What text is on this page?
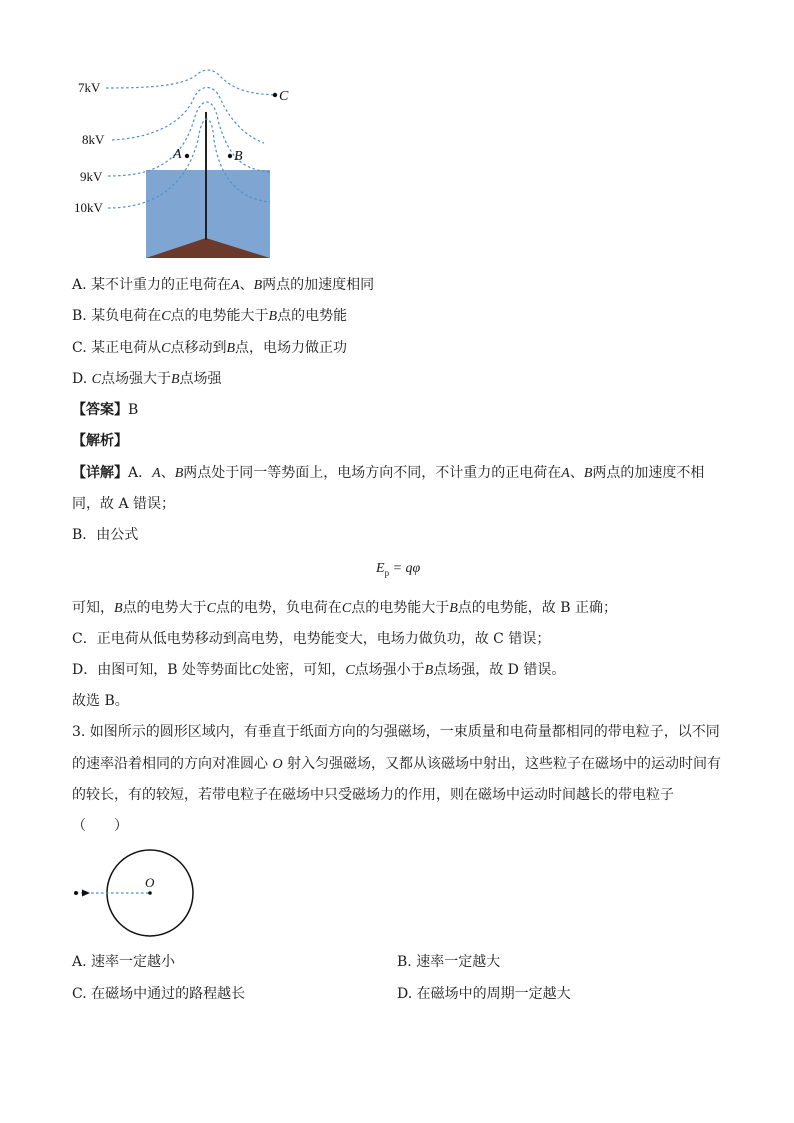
7kV
8kV
9kV
10kV
A	B
C
A. 某不计重力的正电荷在A、B两点的加速度相同
B. 某负电荷在C点的电势能大于B点的电势能
C. 某正电荷从C点移动到B点，电场力做正功
D. C点场强大于B点场强
【答案】B
【解析】
【详解】A．A、B两点处于同一等势面上，电场方向不同，不计重力的正电荷在A、B两点的加速度不相
同，故 A 错误；
B．由公式
$E_p = q\varphi$
可知，B点的电势大于C点的电势，负电荷在C点的电势能大于B点的电势能，故 B 正确；
C．正电荷从低电势移动到高电势，电势能变大，电场力做负功，故 C 错误；
D．由图可知，B 处等势面比C处密，可知，C点场强小于B点场强，故 D 错误。
故选 B。
3. 如图所示的圆形区域内，有垂直于纸面方向的匀强磁场，一束质量和电荷量都相同的带电粒子，以不同
的速率沿着相同的方向对准圆心 O 射入匀强磁场，又都从该磁场中射出，这些粒子在磁场中的运动时间有
的较长，有的较短，若带电粒子在磁场中只受磁场力的作用，则在磁场中运动时间越长的带电粒子
（　　）
O
A. 速率一定越小	B. 速率一定越大
C. 在磁场中通过的路程越长	D. 在磁场中的周期一定越大
